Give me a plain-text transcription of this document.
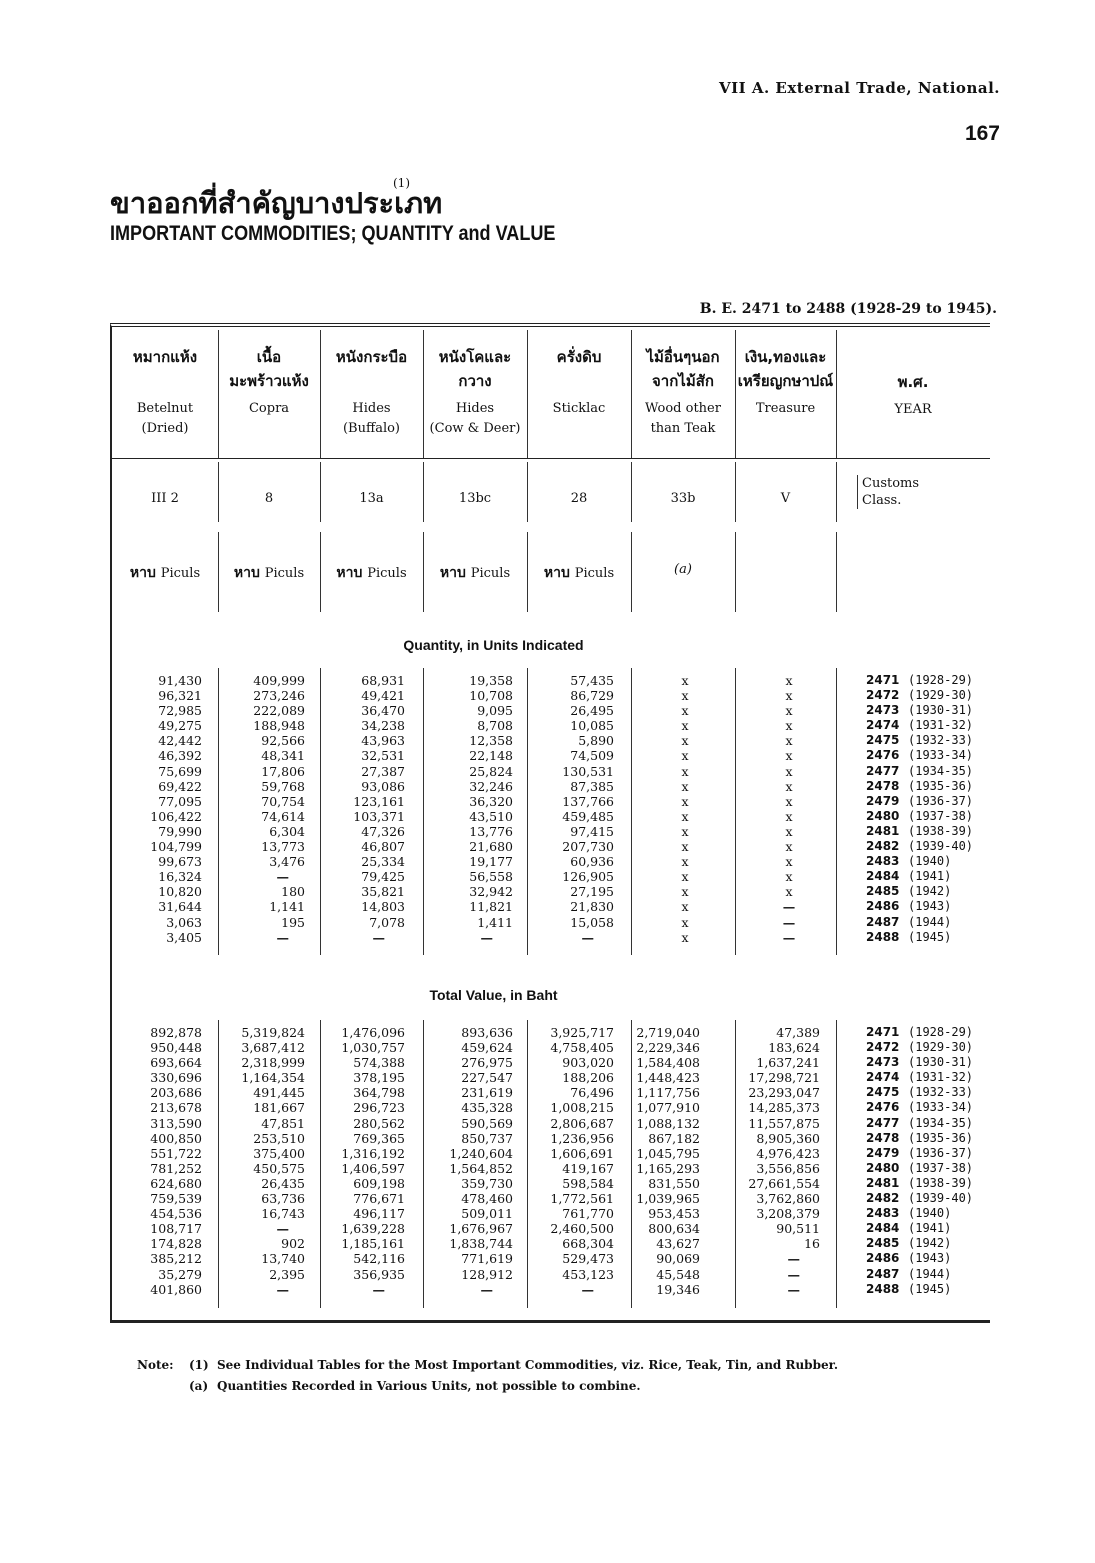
VII A. External Trade, National.
167
ขาออกที่สำคัญบางประเภท
(1)
IMPORTANT COMMODITIES; QUANTITY and VALUE
B. E. 2471 to 2488 (1928-29 to 1945).
หมากแห้ง
Betelnut
(Dried)
III 2
หาบ Piculs
เนื้อ
มะพร้าวแห้ง
Copra
8
หาบ Piculs
หนังกระบือ
Hides
(Buffalo)
13a
หาบ Piculs
หนังโคและ
กวาง
Hides
(Cow & Deer)
13bc
หาบ Piculs
ครั่งดิบ
Sticklac
28
หาบ Piculs
ไม้อื่นๆนอก
จากไม้สัก
Wood other
than Teak
33b
(a)
เงิน,ทองและ
เหรียญกษาปณ์
Treasure
V
พ.ศ.
YEAR
Customs
Class.
91,430
96,321
72,985
49,275
42,442
46,392
75,699
69,422
77,095
106,422
79,990
104,799
99,673
16,324
10,820
31,644
3,063
3,405
409,999
273,246
222,089
188,948
92,566
48,341
17,806
59,768
70,754
74,614
6,304
13,773
3,476
—
180
1,141
195
—
68,931
49,421
36,470
34,238
43,963
32,531
27,387
93,086
123,161
103,371
47,326
46,807
25,334
79,425
35,821
14,803
7,078
—
19,358
10,708
9,095
8,708
12,358
22,148
25,824
32,246
36,320
43,510
13,776
21,680
19,177
56,558
32,942
11,821
1,411
—
57,435
86,729
26,495
10,085
5,890
74,509
130,531
87,385
137,766
459,485
97,415
207,730
60,936
126,905
27,195
21,830
15,058
—
x
x
x
x
x
x
x
x
x
x
x
x
x
x
x
x
x
x
x
x
x
x
x
x
x
x
x
x
x
x
x
x
x
—
—
—
2471 (1928-29)
2472 (1929-30)
2473 (1930-31)
2474 (1931-32)
2475 (1932-33)
2476 (1933-34)
2477 (1934-35)
2478 (1935-36)
2479 (1936-37)
2480 (1937-38)
2481 (1938-39)
2482 (1939-40)
2483 (1940)
2484 (1941)
2485 (1942)
2486 (1943)
2487 (1944)
2488 (1945)
892,878
950,448
693,664
330,696
203,686
213,678
313,590
400,850
551,722
781,252
624,680
759,539
454,536
108,717
174,828
385,212
35,279
401,860
5,319,824
3,687,412
2,318,999
1,164,354
491,445
181,667
47,851
253,510
375,400
450,575
26,435
63,736
16,743
—
902
13,740
2,395
—
1,476,096
1,030,757
574,388
378,195
364,798
296,723
280,562
769,365
1,316,192
1,406,597
609,198
776,671
496,117
1,639,228
1,185,161
542,116
356,935
—
893,636
459,624
276,975
227,547
231,619
435,328
590,569
850,737
1,240,604
1,564,852
359,730
478,460
509,011
1,676,967
1,838,744
771,619
128,912
—
3,925,717
4,758,405
903,020
188,206
76,496
1,008,215
2,806,687
1,236,956
1,606,691
419,167
598,584
1,772,561
761,770
2,460,500
668,304
529,473
453,123
—
2,719,040
2,229,346
1,584,408
1,448,423
1,117,756
1,077,910
1,088,132
867,182
1,045,795
1,165,293
831,550
1,039,965
953,453
800,634
43,627
90,069
45,548
19,346
47,389
183,624
1,637,241
17,298,721
23,293,047
14,285,373
11,557,875
8,905,360
4,976,423
3,556,856
27,661,554
3,762,860
3,208,379
90,511
16
—
—
—
2471 (1928-29)
2472 (1929-30)
2473 (1930-31)
2474 (1931-32)
2475 (1932-33)
2476 (1933-34)
2477 (1934-35)
2478 (1935-36)
2479 (1936-37)
2480 (1937-38)
2481 (1938-39)
2482 (1939-40)
2483 (1940)
2484 (1941)
2485 (1942)
2486 (1943)
2487 (1944)
2488 (1945)
Quantity, in Units Indicated
Total Value, in Baht
Note: (1) See Individual Tables for the Most Important Commodities, viz. Rice, Teak, Tin, and Rubber.
(a) Quantities Recorded in Various Units, not possible to combine.
